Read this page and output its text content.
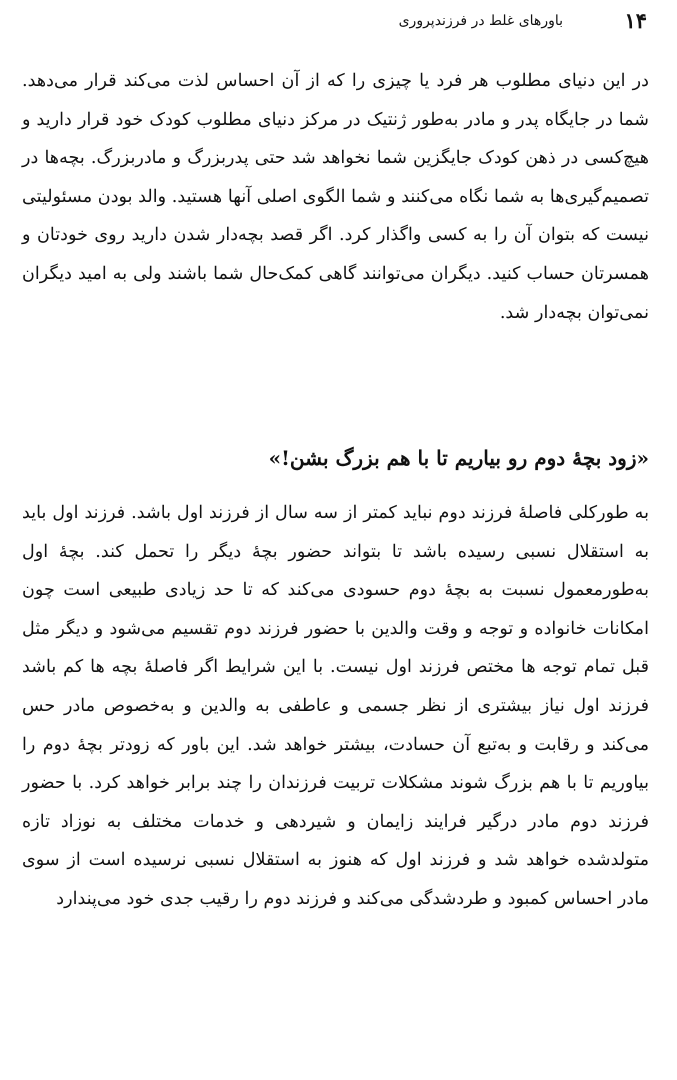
۱۴
باورهای غلط در فرزندپروری

در این دنیای مطلوب هر فرد یا چیزی را که از آن احساس لذت می‌کند قرار می‌دهد. شما در جایگاه پدر و مادر به‌طور ژنتیک در مرکز دنیای مطلوب کودک خود قرار دارید و هیچ‌کسی در ذهن کودک جایگزین شما نخواهد شد حتی پدربزرگ و مادربزرگ. بچه‌ها در تصمیم‌گیری‌ها به شما نگاه می‌کنند و شما الگوی اصلی آنها هستید. والد بودن مسئولیتی نیست که بتوان آن را به کسی واگذار کرد. اگر قصد بچه‌دار شدن دارید روی خودتان و همسرتان حساب کنید. دیگران می‌توانند گاهی کمک‌حال شما باشند ولی به امید دیگران نمی‌توان بچه‌دار شد.

«زود بچهٔ دوم رو بیاریم تا با هم بزرگ بشن!»

به طورکلی فاصلهٔ فرزند دوم نباید کمتر از سه سال از فرزند اول باشد. فرزند اول باید به استقلال نسبی رسیده باشد تا بتواند حضور بچهٔ دیگر را تحمل کند. بچهٔ اول به‌طورمعمول نسبت به بچهٔ دوم حسودی می‌کند که تا حد زیادی طبیعی است چون امکانات خانواده و توجه و وقت والدین با حضور فرزند دوم تقسیم می‌شود و دیگر مثل قبل تمام توجه ها مختص فرزند اول نیست. با این شرایط اگر فاصلهٔ بچه ها کم باشد فرزند اول نیاز بیشتری از نظر جسمی و عاطفی به والدین و به‌خصوص مادر حس می‌کند و رقابت و به‌تبع آن حسادت، بیشتر خواهد شد. این باور که زودتر بچهٔ دوم را بیاوریم تا با هم بزرگ شوند مشکلات تربیت فرزندان را چند برابر خواهد کرد. با حضور فرزند دوم مادر درگیر فرایند زایمان و شیردهی و خدمات مختلف به نوزاد تازه متولدشده خواهد شد و فرزند اول که هنوز به استقلال نسبی نرسیده است از سوی مادر احساس کمبود و طردشدگی می‌کند و فرزند دوم را رقیب جدی خود می‌پندارد
